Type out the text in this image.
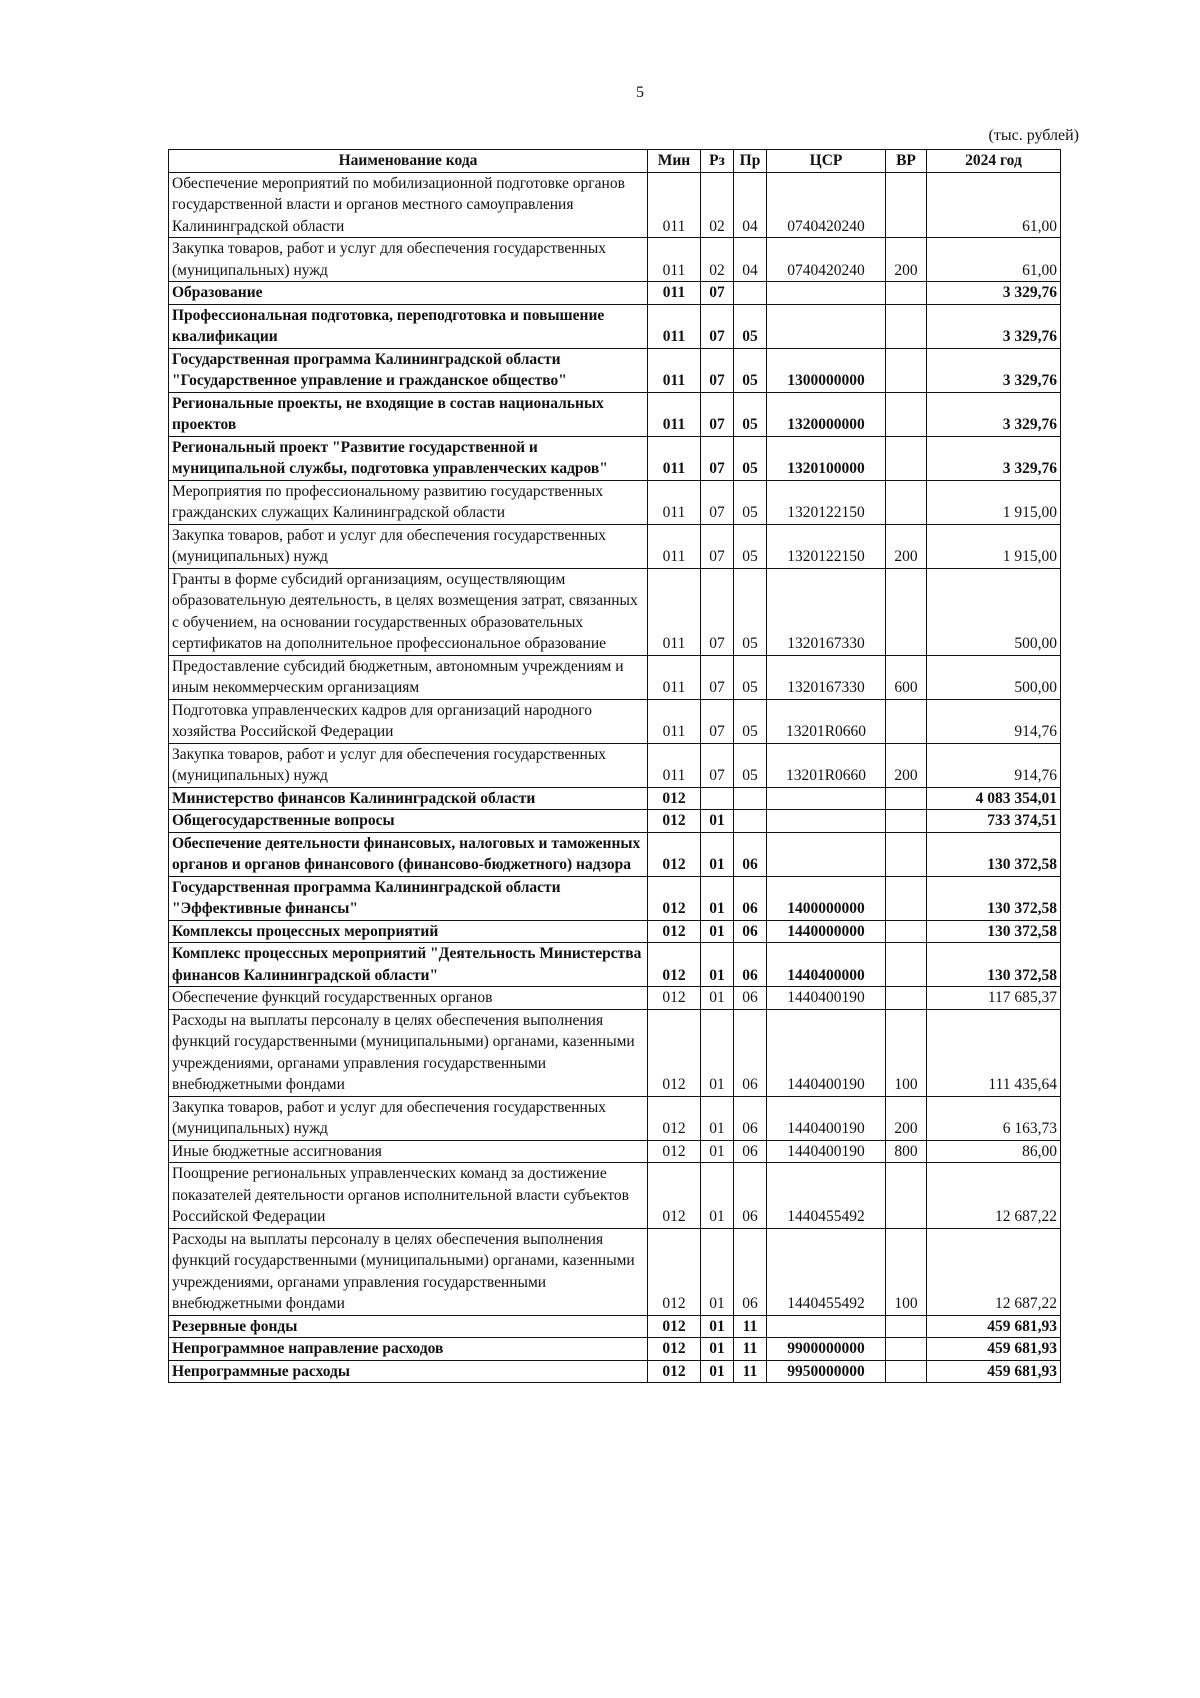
5
(тыс. рублей)
Наименование кода	Мин	Рз	Пр	ЦСР	ВР	2024 год
Обеспечение мероприятий по мобилизационной подготовке органов государственной власти и органов местного самоуправления Калининградской области	011	02	04	0740420240		61,00
Закупка товаров, работ и услуг для обеспечения государственных (муниципальных) нужд	011	02	04	0740420240	200	61,00
Образование	011	07				3 329,76
Профессиональная подготовка, переподготовка и повышение квалификации	011	07	05			3 329,76
Государственная программа Калининградской области "Государственное управление и гражданское общество"	011	07	05	1300000000		3 329,76
Региональные проекты, не входящие в состав национальных проектов	011	07	05	1320000000		3 329,76
Региональный проект "Развитие государственной и муниципальной службы, подготовка управленческих кадров"	011	07	05	1320100000		3 329,76
Мероприятия по профессиональному развитию государственных гражданских служащих Калининградской области	011	07	05	1320122150		1 915,00
Закупка товаров, работ и услуг для обеспечения государственных (муниципальных) нужд	011	07	05	1320122150	200	1 915,00
Гранты в форме субсидий организациям, осуществляющим образовательную деятельность, в целях возмещения затрат, связанных с обучением, на основании государственных образовательных сертификатов на дополнительное профессиональное образование	011	07	05	1320167330		500,00
Предоставление субсидий бюджетным, автономным учреждениям и иным некоммерческим организациям	011	07	05	1320167330	600	500,00
Подготовка управленческих кадров для организаций народного хозяйства Российской Федерации	011	07	05	13201R0660		914,76
Закупка товаров, работ и услуг для обеспечения государственных (муниципальных) нужд	011	07	05	13201R0660	200	914,76
Министерство финансов Калининградской области	012					4 083 354,01
Общегосударственные вопросы	012	01				733 374,51
Обеспечение деятельности финансовых, налоговых и таможенных органов и органов финансового (финансово-бюджетного) надзора	012	01	06			130 372,58
Государственная программа Калининградской области "Эффективные финансы"	012	01	06	1400000000		130 372,58
Комплексы процессных мероприятий	012	01	06	1440000000		130 372,58
Комплекс процессных мероприятий "Деятельность Министерства финансов Калининградской области"	012	01	06	1440400000		130 372,58
Обеспечение функций государственных органов	012	01	06	1440400190		117 685,37
Расходы на выплаты персоналу в целях обеспечения выполнения функций государственными (муниципальными) органами, казенными учреждениями, органами управления государственными внебюджетными фондами	012	01	06	1440400190	100	111 435,64
Закупка товаров, работ и услуг для обеспечения государственных (муниципальных) нужд	012	01	06	1440400190	200	6 163,73
Иные бюджетные ассигнования	012	01	06	1440400190	800	86,00
Поощрение региональных управленческих команд за достижение показателей деятельности органов исполнительной власти субъектов Российской Федерации	012	01	06	1440455492		12 687,22
Расходы на выплаты персоналу в целях обеспечения выполнения функций государственными (муниципальными) органами, казенными учреждениями, органами управления государственными внебюджетными фондами	012	01	06	1440455492	100	12 687,22
Резервные фонды	012	01	11			459 681,93
Непрограммное направление расходов	012	01	11	9900000000		459 681,93
Непрограммные расходы	012	01	11	9950000000		459 681,93
